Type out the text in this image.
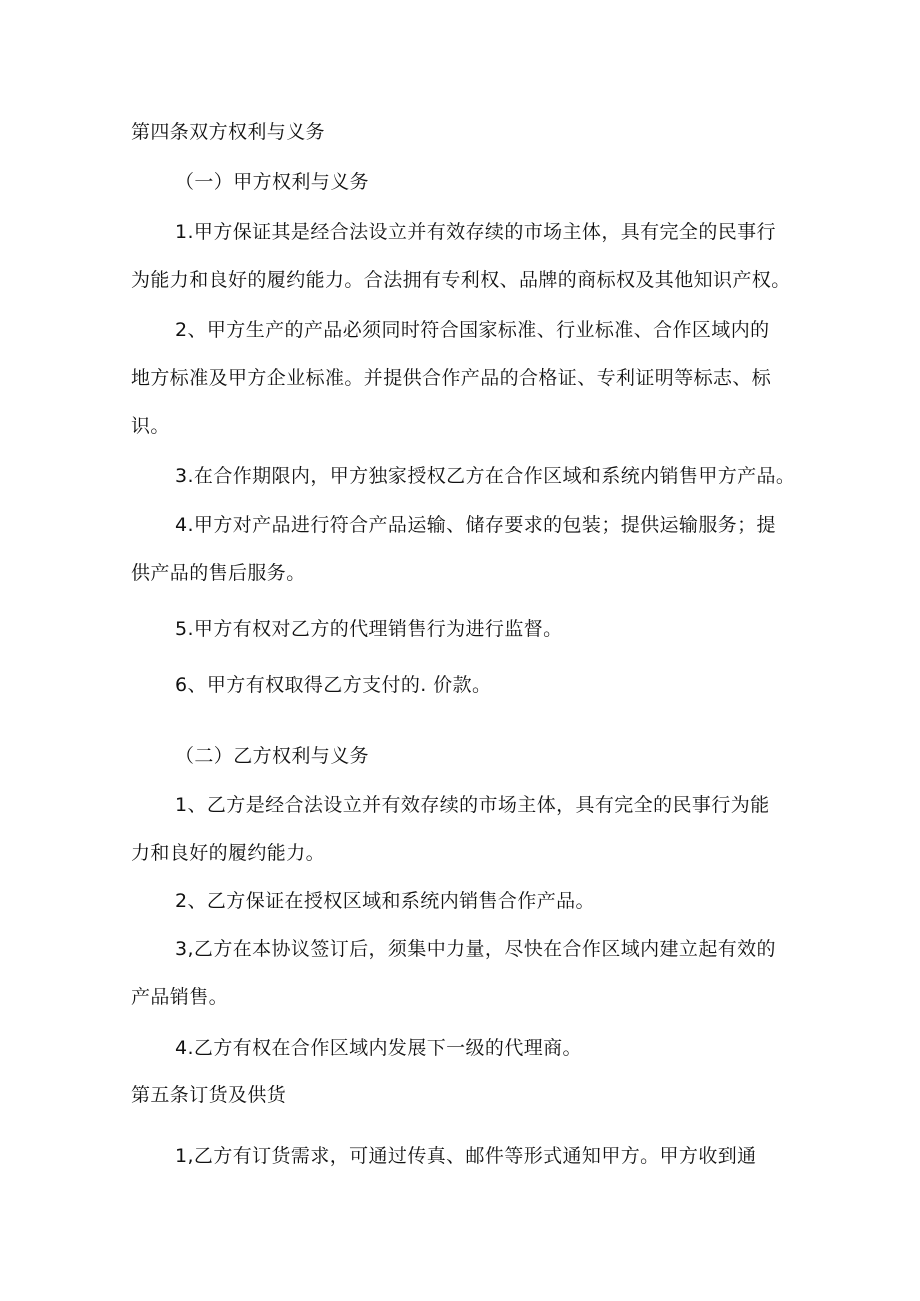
第四条双方权利与义务
（一）甲方权利与义务
1.甲方保证其是经合法设立并有效存续的市场主体，具有完全的民事行
为能力和良好的履约能力。合法拥有专利权、品牌的商标权及其他知识产权。
2、甲方生产的产品必须同时符合国家标准、行业标准、合作区域内的
地方标准及甲方企业标准。并提供合作产品的合格证、专利证明等标志、标
识。
3.在合作期限内，甲方独家授权乙方在合作区域和系统内销售甲方产品。
4.甲方对产品进行符合产品运输、储存要求的包装；提供运输服务；提
供产品的售后服务。
5.甲方有权对乙方的代理销售行为进行监督。
6、甲方有权取得乙方支付的. 价款。
（二）乙方权利与义务
1、乙方是经合法设立并有效存续的市场主体，具有完全的民事行为能
力和良好的履约能力。
2、乙方保证在授权区域和系统内销售合作产品。
3,乙方在本协议签订后，须集中力量，尽快在合作区域内建立起有效的
产品销售。
4.乙方有权在合作区域内发展下一级的代理商。
第五条订货及供货
1,乙方有订货需求，可通过传真、邮件等形式通知甲方。甲方收到通
